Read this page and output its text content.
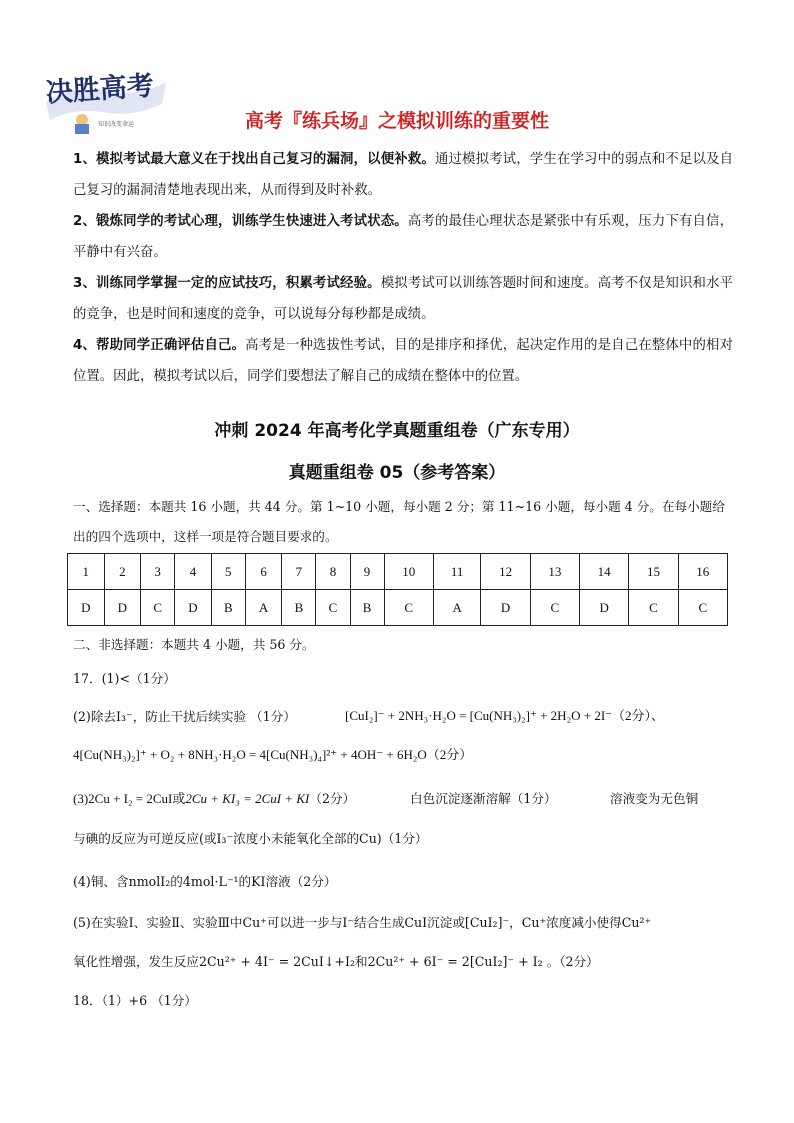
决胜高考
知识改变命运	高考『练兵场』之模拟训练的重要性

1、模拟考试最大意义在于找出自己复习的漏洞，以便补救。通过模拟考试，学生在学习中的弱点和不足以及自己复习的漏洞清楚地表现出来，从而得到及时补救。

2、锻炼同学的考试心理，训练学生快速进入考试状态。高考的最佳心理状态是紧张中有乐观，压力下有自信，平静中有兴奋。

3、训练同学掌握一定的应试技巧，积累考试经验。模拟考试可以训练答题时间和速度。高考不仅是知识和水平的竞争，也是时间和速度的竞争，可以说每分每秒都是成绩。

4、帮助同学正确评估自己。高考是一种选拔性考试，目的是排序和择优，起决定作用的是自己在整体中的相对位置。因此，模拟考试以后，同学们要想法了解自己的成绩在整体中的位置。

冲刺 2024 年高考化学真题重组卷（广东专用）
真题重组卷 05（参考答案）

一、选择题：本题共 16 小题，共 44 分。第 1~10 小题，每小题 2 分；第 11~16 小题，每小题 4 分。在每小题给出的四个选项中，这样一项是符合题目要求的。

1	2	3	4	5	6	7	8	9	10	11	12	13	14	15	16
D	D	C	D	B	A	B	C	B	C	A	D	C	D	C	C

二、非选择题：本题共 4 小题，共 56 分。

17．(1)<（1分）
(2)除去I₃⁻，防止干扰后续实验 （1分）	[CuI₂]⁻ + 2NH₃·H₂O = [Cu(NH₃)₂]⁺ + 2H₂O + 2I⁻（2分）、
4[Cu(NH₃)₂]⁺ + O₂ + 8NH₃·H₂O = 4[Cu(NH₃)₄]²⁺ + 4OH⁻ + 6H₂O（2分）
(3)2Cu + I₂ = 2CuI或2Cu + KI₃ = 2CuI + KI（2分）	白色沉淀逐渐溶解（1分）	溶液变为无色铜
与碘的反应为可逆反应(或I₃⁻浓度小未能氧化全部的Cu)（1分）
(4)铜、含nmolI₂的4mol·L⁻¹的KI溶液（2分）
(5)在实验Ⅰ、实验Ⅱ、实验Ⅲ中Cu⁺可以进一步与I⁻结合生成CuI沉淀或[CuI₂]⁻，Cu⁺浓度减小使得Cu²⁺
氧化性增强，发生反应2Cu²⁺ + 4I⁻ = 2CuI↓+I₂和2Cu²⁺ + 6I⁻ = 2[CuI₂]⁻ + I₂ 。（2分）
18．（1）+6 （1分）
